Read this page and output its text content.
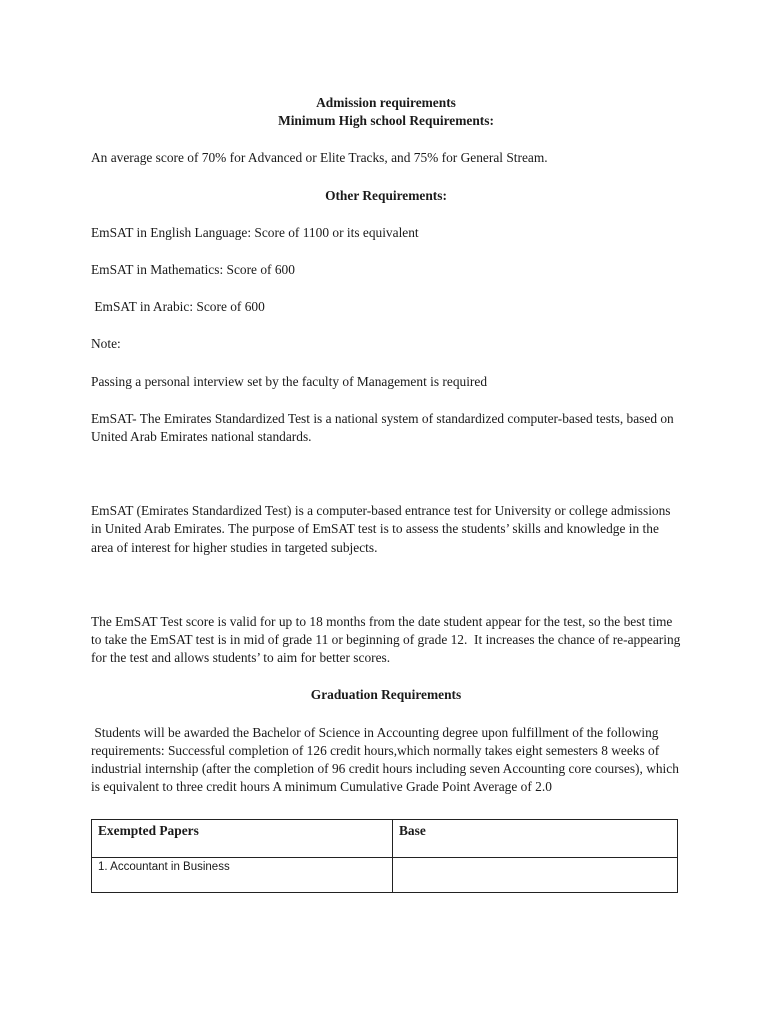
Admission requirements

Minimum High school Requirements:

An average score of 70% for Advanced or Elite Tracks, and 75% for General Stream.

Other Requirements:

EmSAT in English Language: Score of 1100 or its equivalent

EmSAT in Mathematics: Score of 600

EmSAT in Arabic: Score of 600

Note:

Passing a personal interview set by the faculty of Management is required

EmSAT- The Emirates Standardized Test is a national system of standardized computer-based tests, based on United Arab Emirates national standards.

EmSAT (Emirates Standardized Test) is a computer-based entrance test for University or college admissions in United Arab Emirates. The purpose of EmSAT test is to assess the students’ skills and knowledge in the area of interest for higher studies in targeted subjects.

The EmSAT Test score is valid for up to 18 months from the date student appear for the test, so the best time to take the EmSAT test is in mid of grade 11 or beginning of grade 12.  It increases the chance of re-appearing for the test and allows students’ to aim for better scores.

Graduation Requirements

Students will be awarded the Bachelor of Science in Accounting degree upon fulfillment of the following requirements: Successful completion of 126 credit hours,which normally takes eight semesters 8 weeks of industrial internship (after the completion of 96 credit hours including seven Accounting core courses), which is equivalent to three credit hours A minimum Cumulative Grade Point Average of 2.0

Exempted Papers	Base
1. Accountant in Business	
